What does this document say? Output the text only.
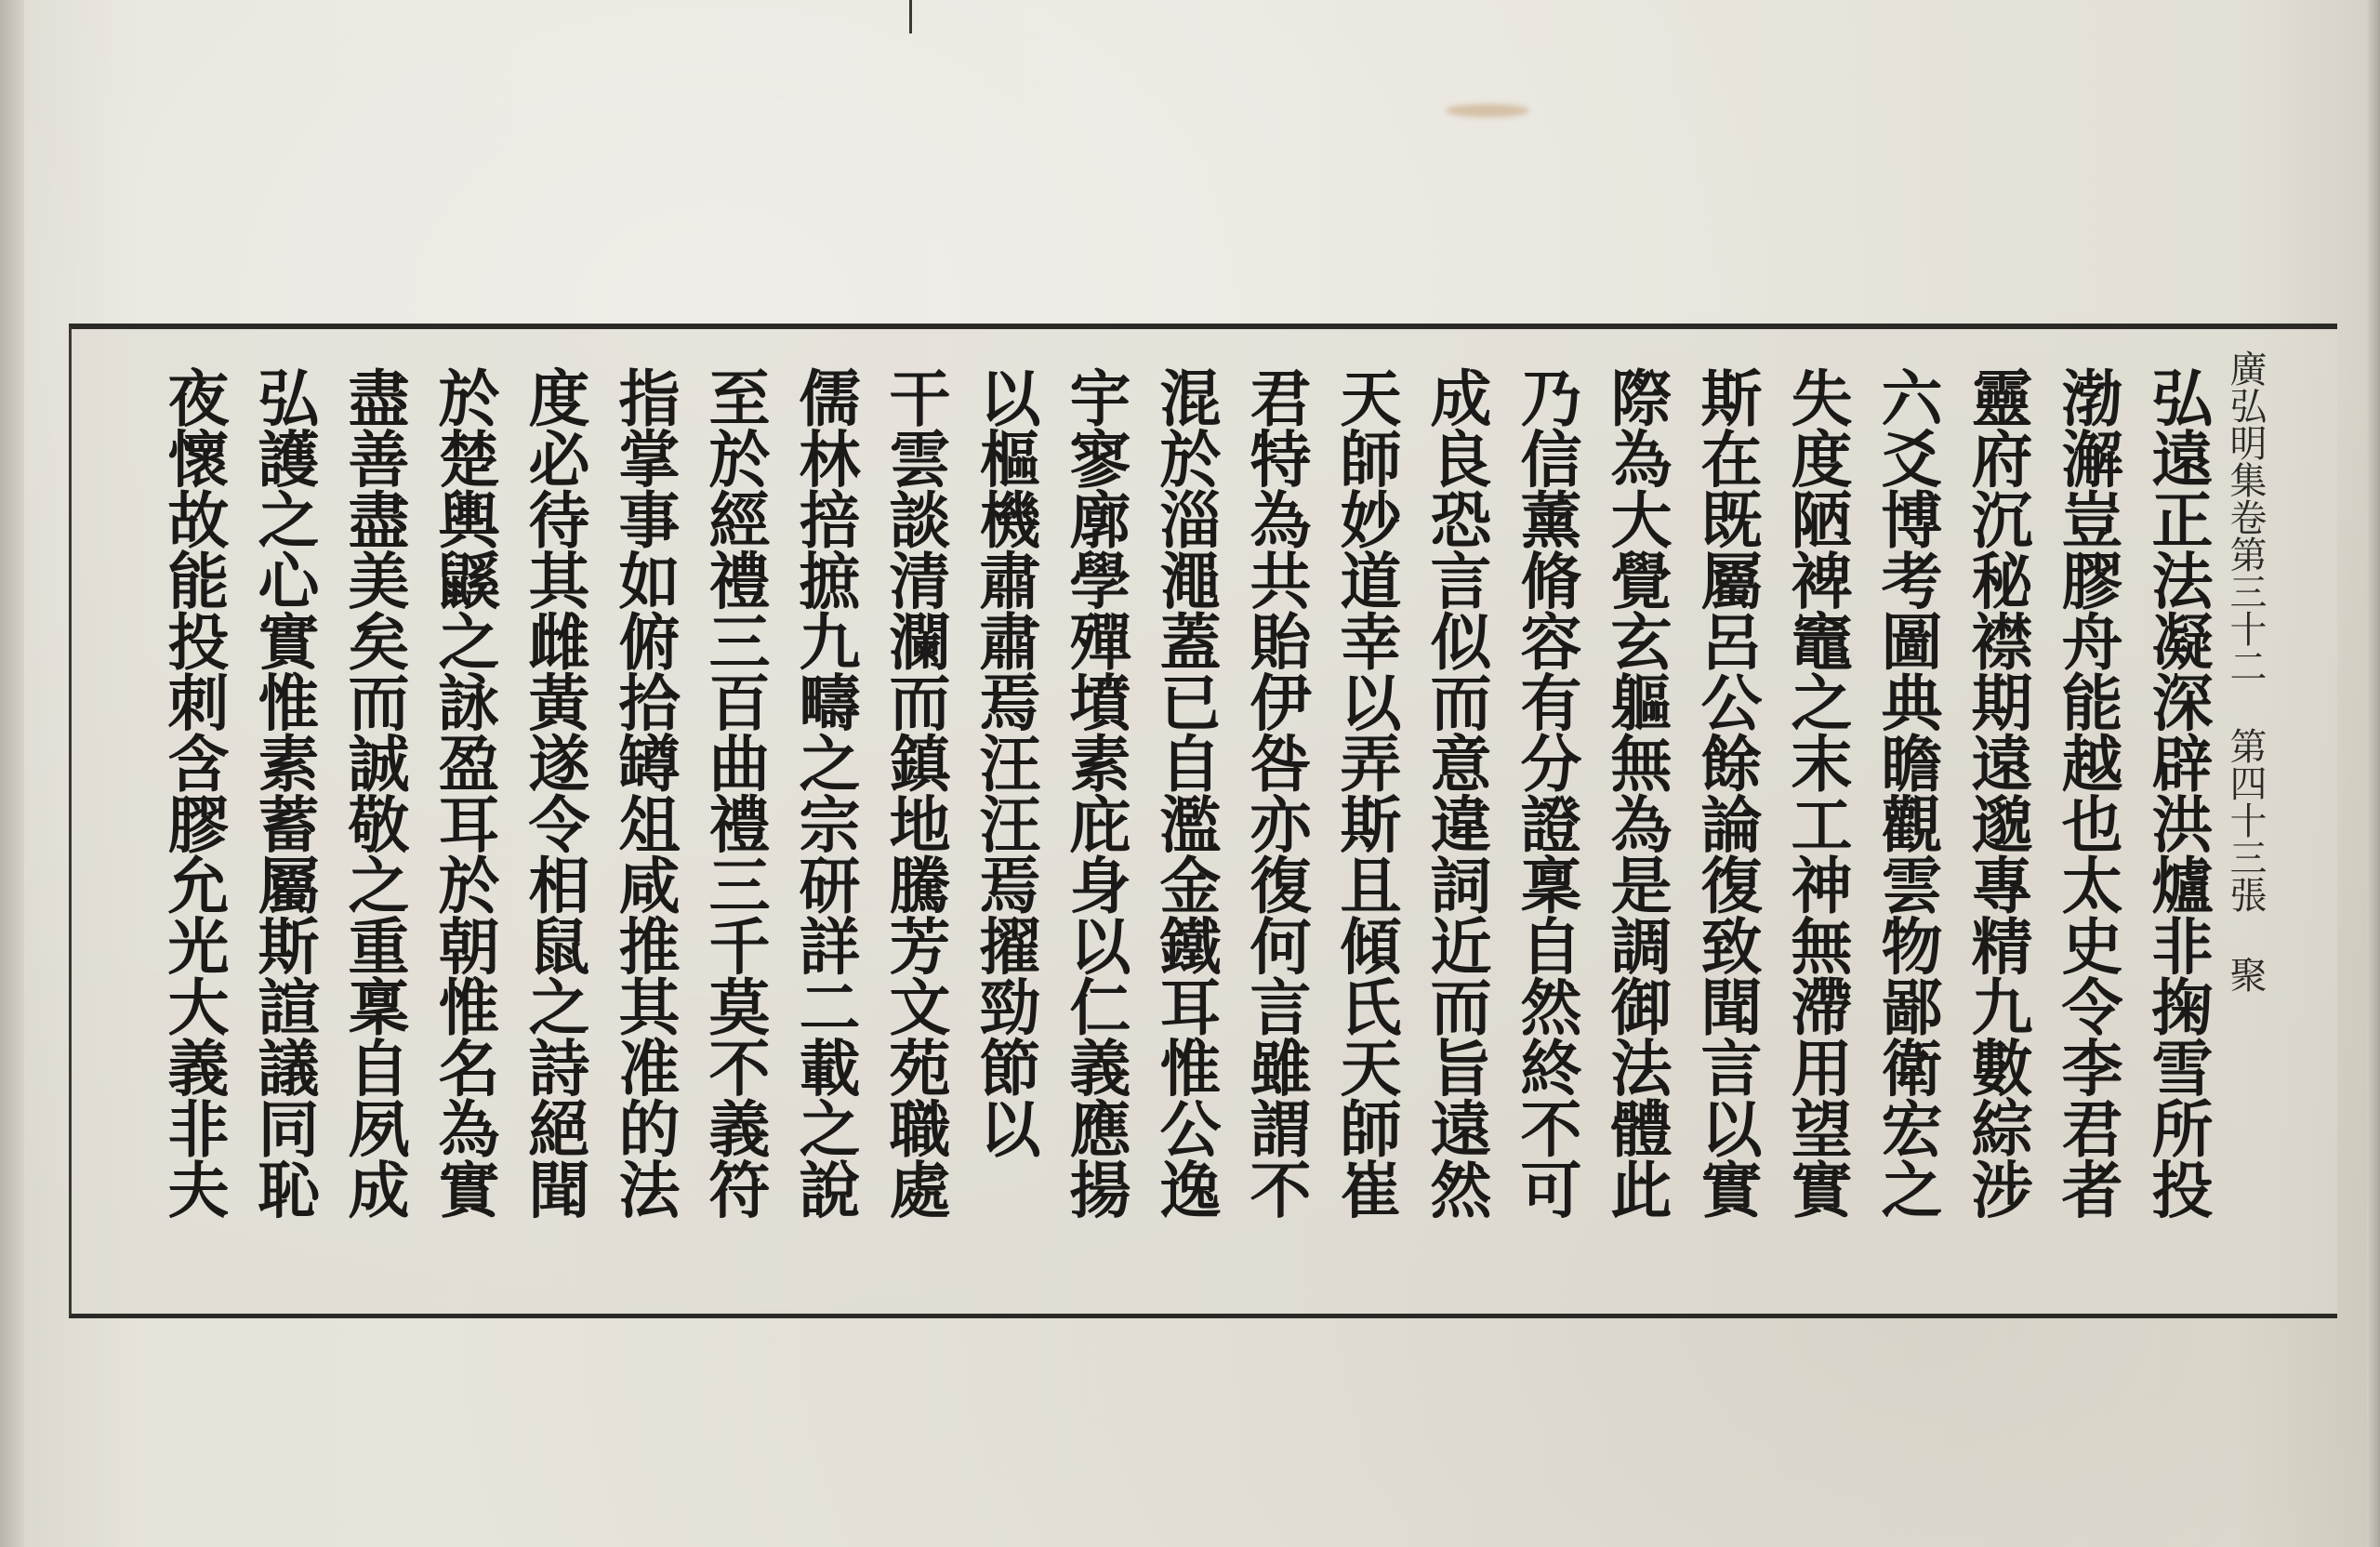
廣弘明集卷第三十二 第四十三張 聚
弘遠正法凝深辟洪爐非掬雪所投
渤澥豈膠舟能越也太史令李君者
靈府沉秘襟期遠邈專精九數綜涉
六爻博考圖典瞻觀雲物鄙衛宏之
失度陋裨竈之末工神無滯用望實
斯在既屬呂公餘論復致聞言以實
際為大覺玄軀無為是調御法體此
乃信薰脩容有分證稟自然終不可
成良恐言似而意違詞近而旨遠然
天師妙道幸以弄斯且傾氏天師崔
君特為共貽伊咎亦復何言雖謂不
混於淄澠蓋已自濫金鐵耳惟公逸
宇寥廓學殫墳素庇身以仁義應揚
以樞機肅肅焉汪汪焉擢勁節以
干雲談清瀾而鎮地騰芳文苑職處
儒林掊摭九疇之宗研詳二載之說
至於經禮三百曲禮三千莫不義符
指掌事如俯拾罇俎咸推其准的法
度必待其雌黃遂令相鼠之詩絕聞
於楚輿鼷之詠盈耳於朝惟名為實
盡善盡美矣而誠敬之重稟自夙成
弘護之心實惟素蓄屬斯諠議同恥
夜懷故能投刺含膠允光大義非夫
